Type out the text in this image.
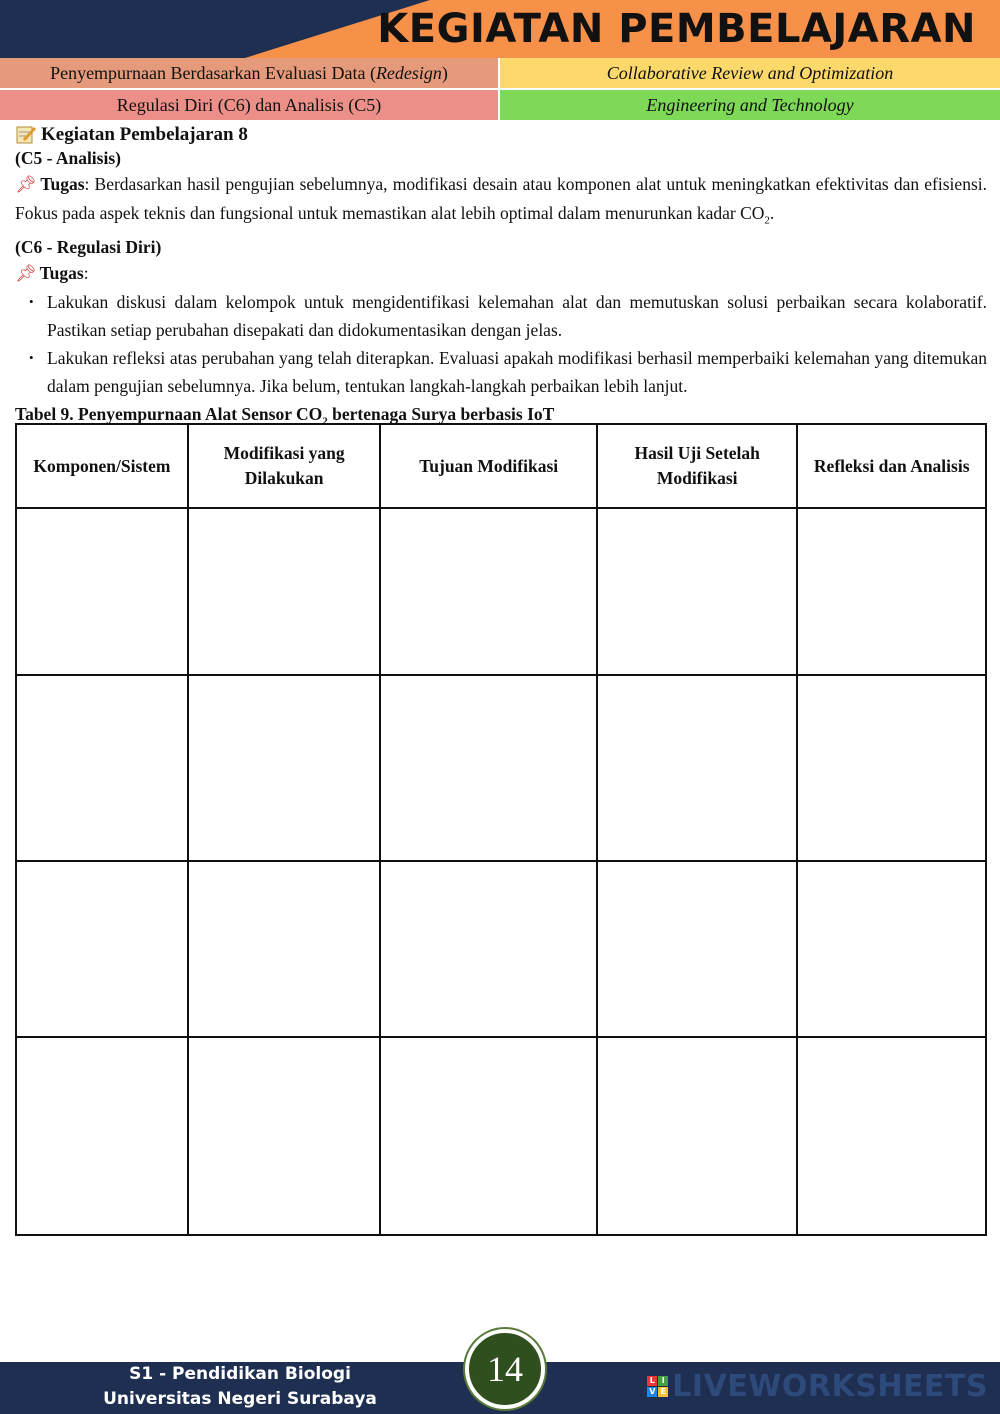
KEGIATAN PEMBELAJARAN
Penyempurnaan Berdasarkan Evaluasi Data (Redesign)	Collaborative Review and Optimization
Regulasi Diri (C6) dan Analisis (C5)	Engineering and Technology
Kegiatan Pembelajaran 8
(C5 - Analisis)

📌︎ Tugas: Berdasarkan hasil pengujian sebelumnya, modifikasi desain atau komponen alat untuk meningkatkan efektivitas dan efisiensi. Fokus pada aspek teknis dan fungsional untuk memastikan alat lebih optimal dalam menurunkan kadar $CO_2$.

(C6 - Regulasi Diri)

📌︎ Tugas:

• Lakukan diskusi dalam kelompok untuk mengidentifikasi kelemahan alat dan memutuskan solusi perbaikan secara kolaboratif. Pastikan setiap perubahan disepakati dan didokumentasikan dengan jelas.
• Lakukan refleksi atas perubahan yang telah diterapkan. Evaluasi apakah modifikasi berhasil memperbaiki kelemahan yang ditemukan dalam pengujian sebelumnya. Jika belum, tentukan langkah-langkah perbaikan lebih lanjut.
Tabel 9. Penyempurnaan Alat Sensor $CO_2$ bertenaga Surya berbasis IoT
Komponen/Sistem	Modifikasi yang Dilakukan	Tujuan Modifikasi	Hasil Uji Setelah Modifikasi	Refleksi dan Analisis

S1 - Pendidikan Biologi
Universitas Negeri Surabaya
14	L I
V E LIVEWORKSHEETS
